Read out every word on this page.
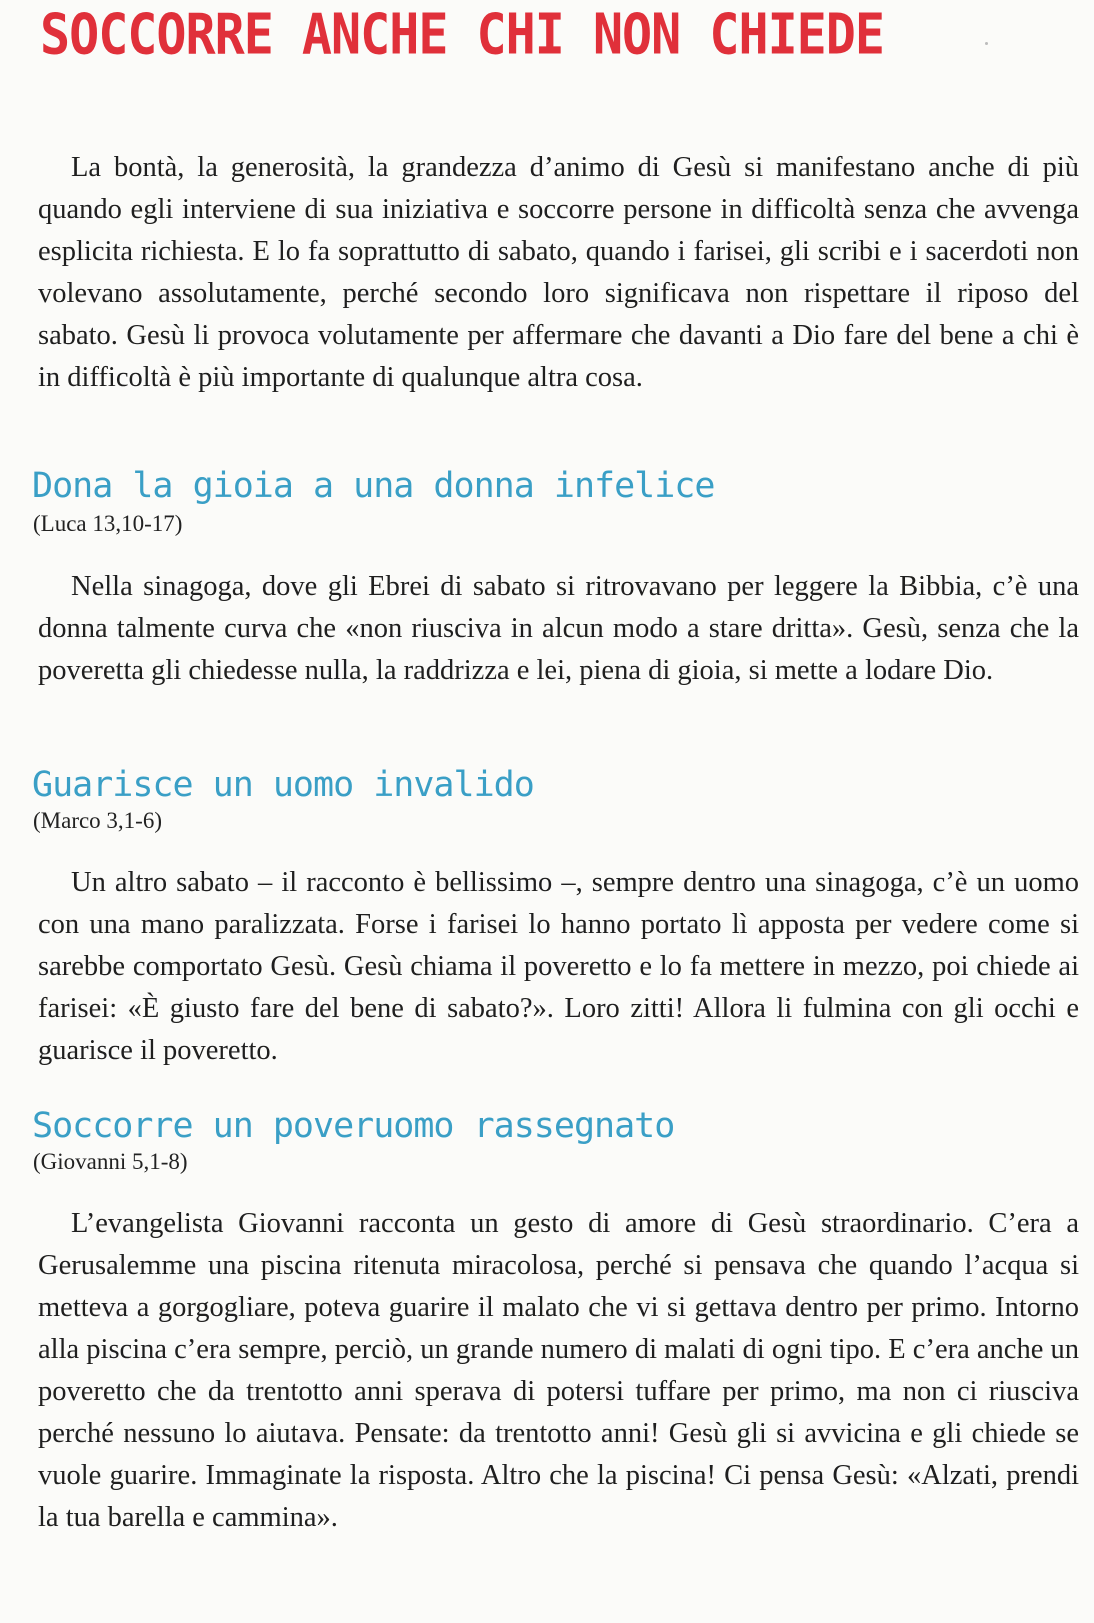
SOCCORRE ANCHE CHI NON CHIEDE

La bontà, la generosità, la grandezza d’animo di Gesù si manifestano anche di più quando egli interviene di sua iniziativa e soccorre persone in difficoltà senza che avvenga esplicita richiesta. E lo fa soprattutto di sabato, quando i farisei, gli scribi e i sacerdoti non volevano assolutamente, perché secondo loro significava non rispettare il riposo del sabato. Gesù li provoca volutamente per affermare che davanti a Dio fare del bene a chi è in difficoltà è più importante di qualunque altra cosa.

Dona la gioia a una donna infelice

(Luca 13,10-17)

Nella sinagoga, dove gli Ebrei di sabato si ritrovavano per leggere la Bibbia, c’è una donna talmente curva che «non riusciva in alcun modo a stare dritta». Gesù, senza che la poveretta gli chiedesse nulla, la raddrizza e lei, piena di gioia, si mette a lodare Dio.

Guarisce un uomo invalido

(Marco 3,1-6)

Un altro sabato – il racconto è bellissimo –, sempre dentro una sinagoga, c’è un uomo con una mano paralizzata. Forse i farisei lo hanno portato lì apposta per vedere come si sarebbe comportato Gesù. Gesù chiama il poveretto e lo fa mettere in mezzo, poi chiede ai farisei: «È giusto fare del bene di sabato?». Loro zitti! Allora li fulmina con gli occhi e guarisce il poveretto.

Soccorre un poveruomo rassegnato

(Giovanni 5,1-8)

L’evangelista Giovanni racconta un gesto di amore di Gesù straordinario. C’era a Gerusalemme una piscina ritenuta miracolosa, perché si pensava che quando l’acqua si metteva a gorgogliare, poteva guarire il malato che vi si gettava dentro per primo. Intorno alla piscina c’era sempre, perciò, un grande numero di malati di ogni tipo. E c’era anche un poveretto che da trentotto anni sperava di potersi tuffare per primo, ma non ci riusciva perché nessuno lo aiutava. Pensate: da trentotto anni! Gesù gli si avvicina e gli chiede se vuole guarire. Immaginate la risposta. Altro che la piscina! Ci pensa Gesù: «Alzati, prendi la tua barella e cammina».
